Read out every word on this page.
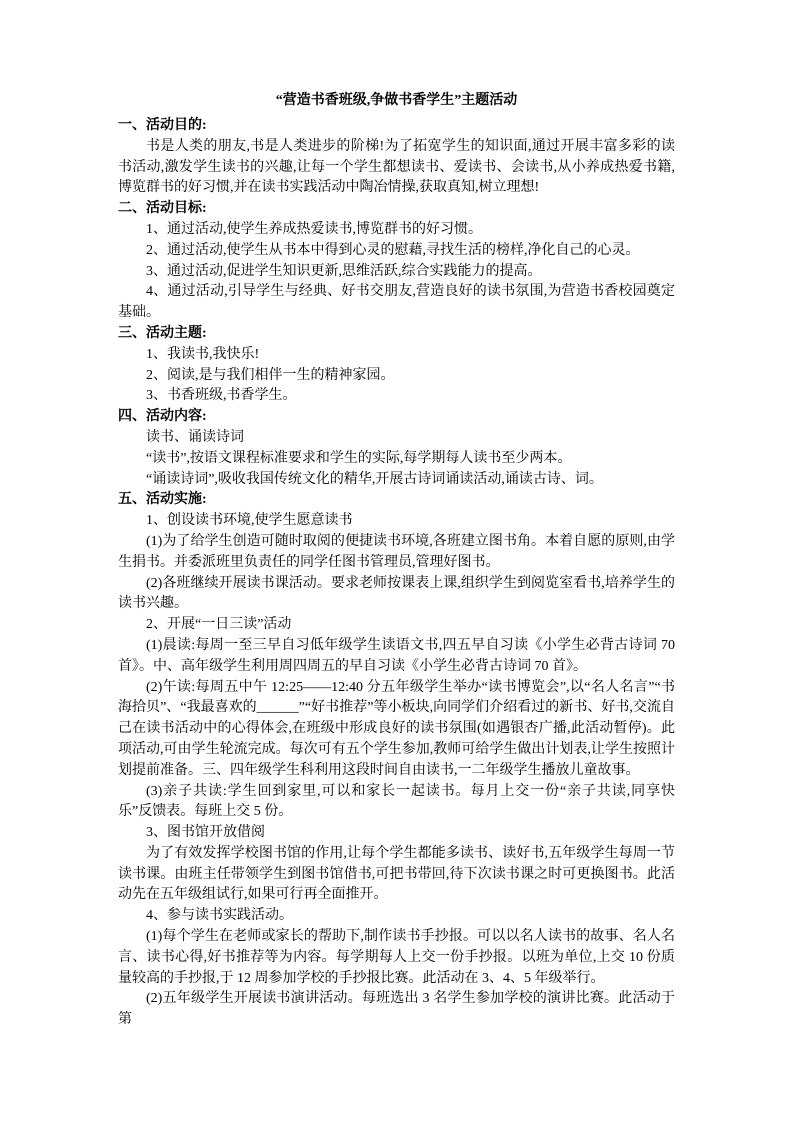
“营造书香班级,争做书香学生”主题活动

一、活动目的:

书是人类的朋友,书是人类进步的阶梯!为了拓宽学生的知识面,通过开展丰富多彩的读书活动,激发学生读书的兴趣,让每一个学生都想读书、爱读书、会读书,从小养成热爱书籍,博览群书的好习惯,并在读书实践活动中陶冶情操,获取真知,树立理想!

二、活动目标:

1、通过活动,使学生养成热爱读书,博览群书的好习惯。

2、通过活动,使学生从书本中得到心灵的慰藉,寻找生活的榜样,净化自己的心灵。

3、通过活动,促进学生知识更新,思维活跃,综合实践能力的提高。

4、通过活动,引导学生与经典、好书交朋友,营造良好的读书氛围,为营造书香校园奠定基础。

三、活动主题:

1、我读书,我快乐!

2、阅读,是与我们相伴一生的精神家园。

3、书香班级,书香学生。

四、活动内容:

读书、诵读诗词

“读书”,按语文课程标准要求和学生的实际,每学期每人读书至少两本。

“诵读诗词”,吸收我国传统文化的精华,开展古诗词诵读活动,诵读古诗、词。

五、活动实施:

1、创设读书环境,使学生愿意读书

(1)为了给学生创造可随时取阅的便捷读书环境,各班建立图书角。本着自愿的原则,由学生捐书。并委派班里负责任的同学任图书管理员,管理好图书。

(2)各班继续开展读书课活动。要求老师按课表上课,组织学生到阅览室看书,培养学生的读书兴趣。

2、开展“一日三读”活动

(1)晨读:每周一至三早自习低年级学生读语文书,四五早自习读《小学生必背古诗词 70 首》。中、高年级学生利用周四周五的早自习读《小学生必背古诗词 70 首》。

(2)午读:每周五中午 12:25——12:40 分五年级学生举办“读书博览会”,以“名人名言”“书海拾贝”、“我最喜欢的______”“好书推荐”等小板块,向同学们介绍看过的新书、好书,交流自己在读书活动中的心得体会,在班级中形成良好的读书氛围(如遇银杏广播,此活动暂停)。此项活动,可由学生轮流完成。每次可有五个学生参加,教师可给学生做出计划表,让学生按照计划提前准备。三、四年级学生科利用这段时间自由读书,一二年级学生播放儿童故事。

(3)亲子共读:学生回到家里,可以和家长一起读书。每月上交一份“亲子共读,同享快乐”反馈表。每班上交 5 份。

3、图书馆开放借阅

为了有效发挥学校图书馆的作用,让每个学生都能多读书、读好书,五年级学生每周一节读书课。由班主任带领学生到图书馆借书,可把书带回,待下次读书课之时可更换图书。此活动先在五年级组试行,如果可行再全面推开。

4、参与读书实践活动。

(1)每个学生在老师或家长的帮助下,制作读书手抄报。可以以名人读书的故事、名人名言、读书心得,好书推荐等为内容。每学期每人上交一份手抄报。以班为单位,上交 10 份质量较高的手抄报,于 12 周参加学校的手抄报比赛。此活动在 3、4、5 年级举行。

(2)五年级学生开展读书演讲活动。每班选出 3 名学生参加学校的演讲比赛。此活动于第
